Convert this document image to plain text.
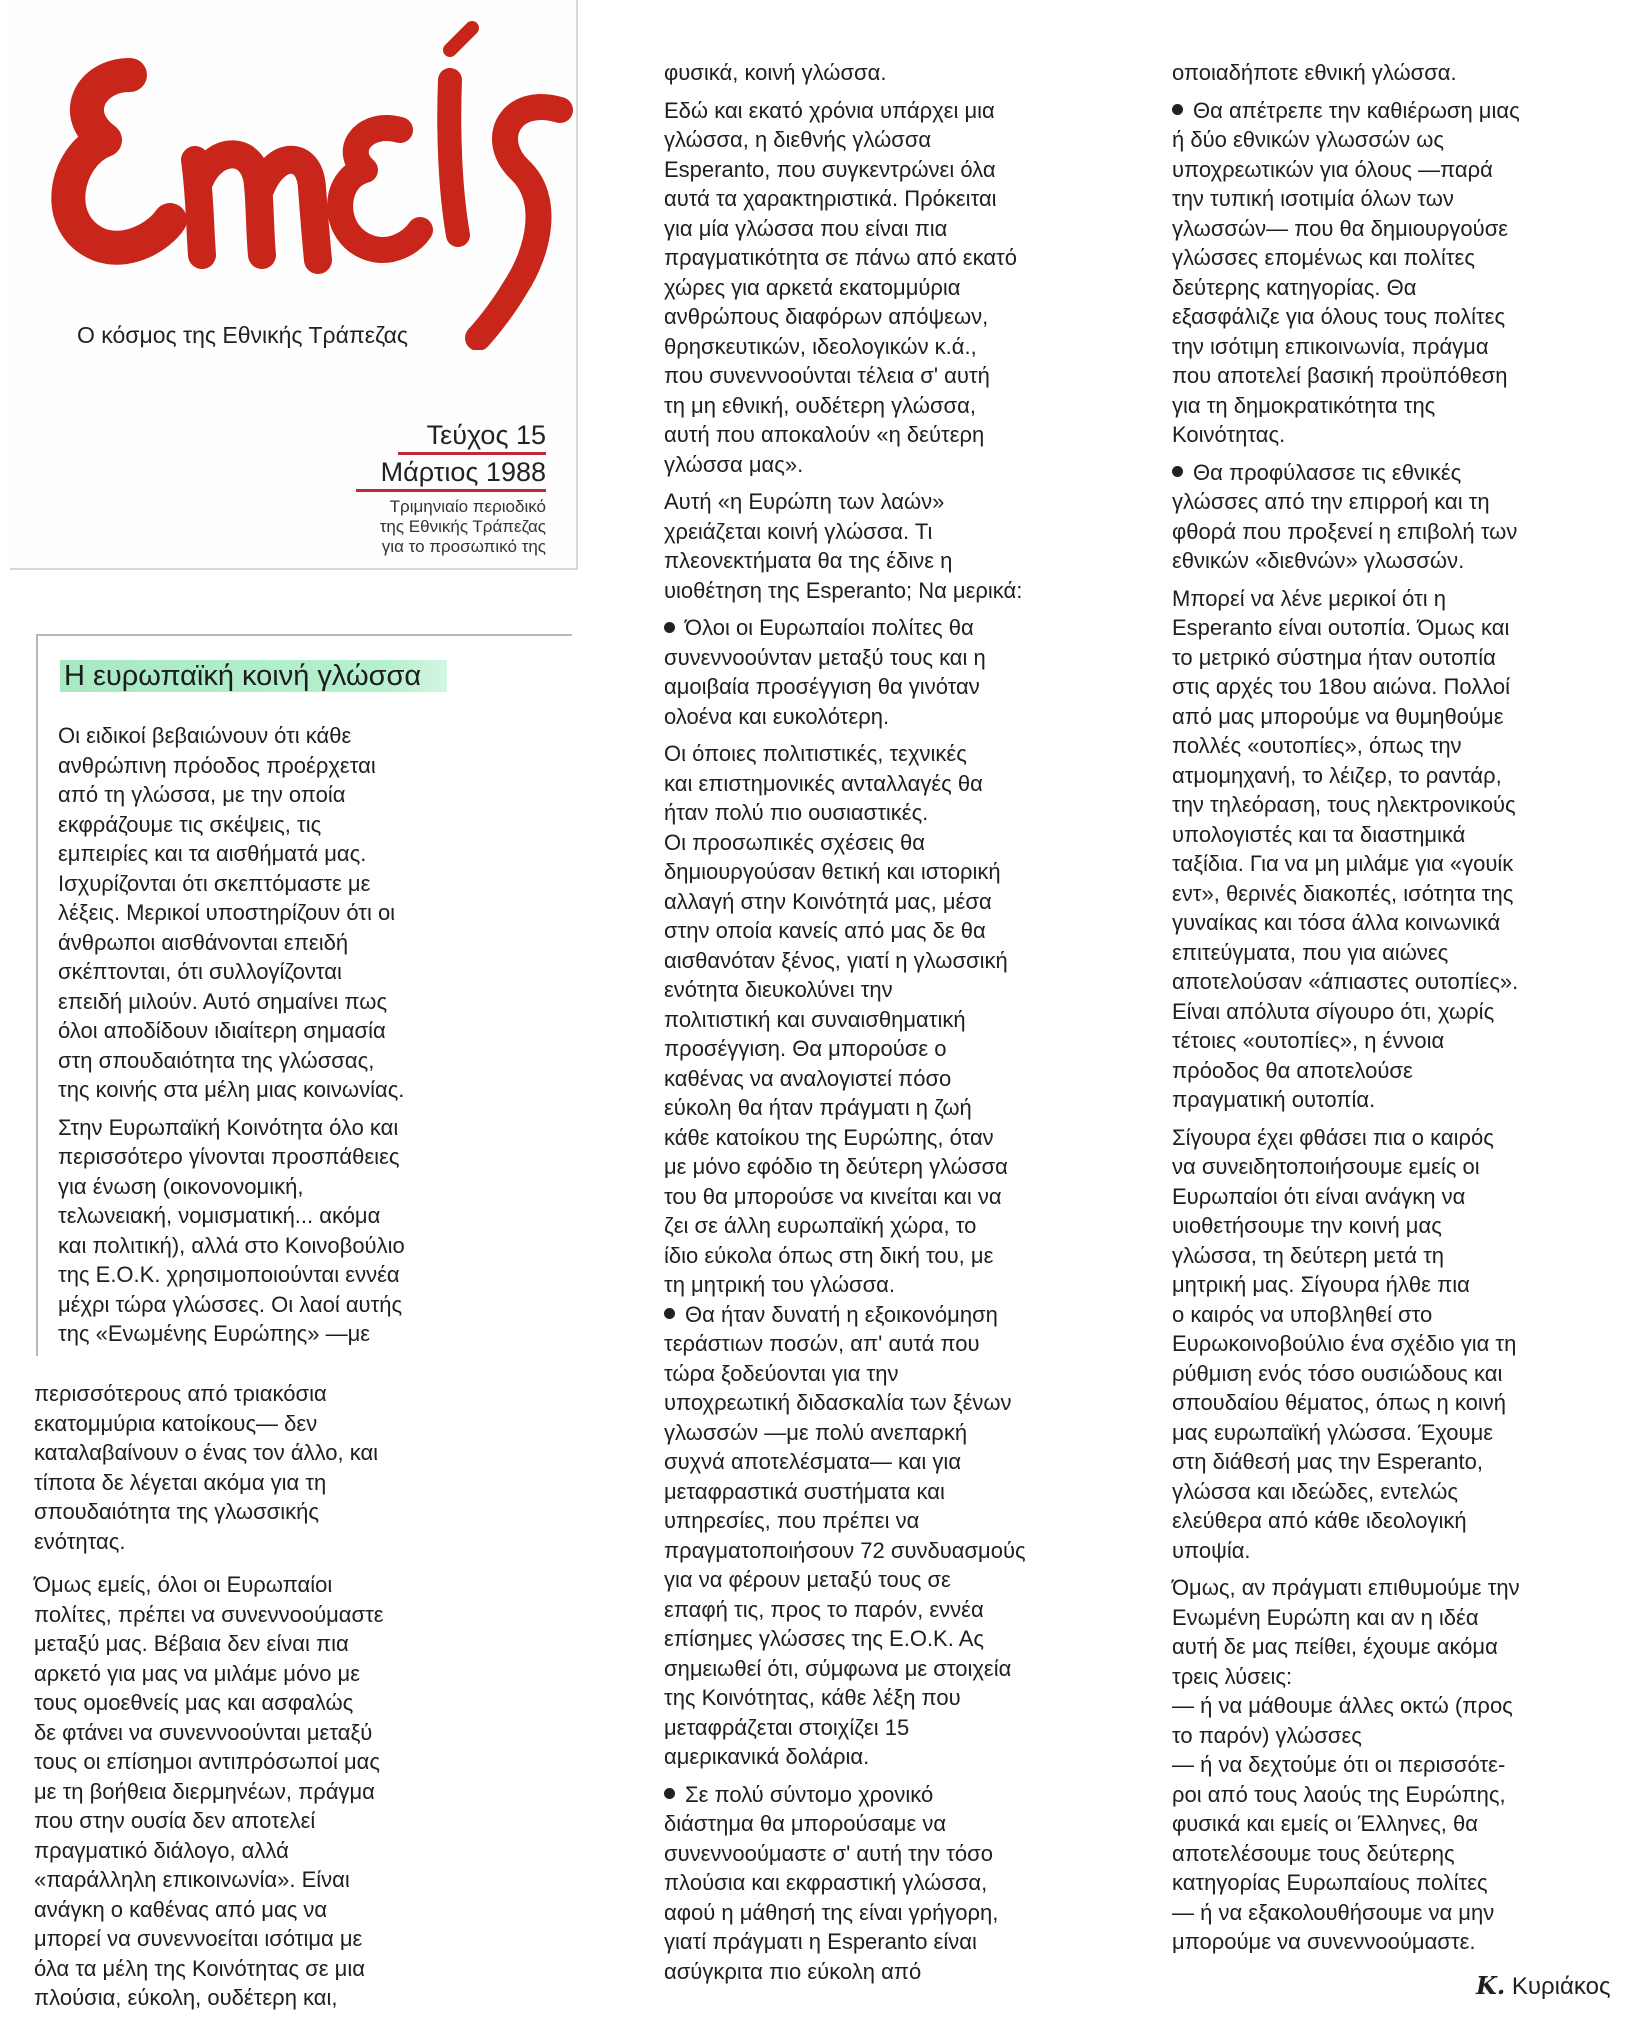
Ο κόσμος της Εθνικής Τράπεζας
Τεύχος 15
Μάρτιος 1988
Τριμηνιαίο περιοδικό
της Εθνικής Τράπεζας
για το προσωπικό της
Η ευρωπαϊκή κοινή γλώσσα

Οι ειδικοί βεβαιώνουν ότι κάθε
ανθρώπινη πρόοδος προέρχεται
από τη γλώσσα, με την οποία
εκφράζουμε τις σκέψεις, τις
εμπειρίες και τα αισθήματά μας.
Ισχυρίζονται ότι σκεπτόμαστε με
λέξεις. Μερικοί υποστηρίζουν ότι οι
άνθρωποι αισθάνονται επειδή
σκέπτονται, ότι συλλογίζονται
επειδή μιλούν. Αυτό σημαίνει πως
όλοι αποδίδουν ιδιαίτερη σημασία
στη σπουδαιότητα της γλώσσας,
της κοινής στα μέλη μιας κοινωνίας.

Στην Ευρωπαϊκή Κοινότητα όλο και
περισσότερο γίνονται προσπάθειες
για ένωση (οικονονομική,
τελωνειακή, νομισματική... ακόμα
και πολιτική), αλλά στο Κοινοβούλιο
της Ε.Ο.Κ. χρησιμοποιούνται εννέα
μέχρι τώρα γλώσσες. Οι λαοί αυτής
της «Ενωμένης Ευρώπης» —με

περισσότερους από τριακόσια
εκατομμύρια κατοίκους— δεν
καταλαβαίνουν ο ένας τον άλλο, και
τίποτα δε λέγεται ακόμα για τη
σπουδαιότητα της γλωσσικής
ενότητας.

Όμως εμείς, όλοι οι Ευρωπαίοι
πολίτες, πρέπει να συνεννοούμαστε
μεταξύ μας. Βέβαια δεν είναι πια
αρκετό για μας να μιλάμε μόνο με
τους ομοεθνείς μας και ασφαλώς
δε φτάνει να συνεννοούνται μεταξύ
τους οι επίσημοι αντιπρόσωποί μας
με τη βοήθεια διερμηνέων, πράγμα
που στην ουσία δεν αποτελεί
πραγματικό διάλογο, αλλά
«παράλληλη επικοινωνία». Είναι
ανάγκη ο καθένας από μας να
μπορεί να συνεννοείται ισότιμα με
όλα τα μέλη της Κοινότητας σε μια
πλούσια, εύκολη, ουδέτερη και,

φυσικά, κοινή γλώσσα.

Εδώ και εκατό χρόνια υπάρχει μια
γλώσσα, η διεθνής γλώσσα
Esperanto, που συγκεντρώνει όλα
αυτά τα χαρακτηριστικά. Πρόκειται
για μία γλώσσα που είναι πια
πραγματικότητα σε πάνω από εκατό
χώρες για αρκετά εκατομμύρια
ανθρώπους διαφόρων απόψεων,
θρησκευτικών, ιδεολογικών κ.ά.,
που συνεννοούνται τέλεια σ' αυτή
τη μη εθνική, ουδέτερη γλώσσα,
αυτή που αποκαλούν «η δεύτερη
γλώσσα μας».

Αυτή «η Ευρώπη των λαών»
χρειάζεται κοινή γλώσσα. Τι
πλεονεκτήματα θα της έδινε η
υιοθέτηση της Esperanto; Να μερικά:

Όλοι οι Ευρωπαίοι πολίτες θα
συνεννοούνταν μεταξύ τους και η
αμοιβαία προσέγγιση θα γινόταν
ολοένα και ευκολότερη.

Οι όποιες πολιτιστικές, τεχνικές
και επιστημονικές ανταλλαγές θα
ήταν πολύ πιο ουσιαστικές.
Οι προσωπικές σχέσεις θα
δημιουργούσαν θετική και ιστορική
αλλαγή στην Κοινότητά μας, μέσα
στην οποία κανείς από μας δε θα
αισθανόταν ξένος, γιατί η γλωσσική
ενότητα διευκολύνει την
πολιτιστική και συναισθηματική
προσέγγιση. Θα μπορούσε ο
καθένας να αναλογιστεί πόσο
εύκολη θα ήταν πράγματι η ζωή
κάθε κατοίκου της Ευρώπης, όταν
με μόνο εφόδιο τη δεύτερη γλώσσα
του θα μπορούσε να κινείται και να
ζει σε άλλη ευρωπαϊκή χώρα, το
ίδιο εύκολα όπως στη δική του, με
τη μητρική του γλώσσα.

Θα ήταν δυνατή η εξοικονόμηση
τεράστιων ποσών, απ' αυτά που
τώρα ξοδεύονται για την
υποχρεωτική διδασκαλία των ξένων
γλωσσών —με πολύ ανεπαρκή
συχνά αποτελέσματα— και για
μεταφραστικά συστήματα και
υπηρεσίες, που πρέπει να
πραγματοποιήσουν 72 συνδυασμούς
για να φέρουν μεταξύ τους σε
επαφή τις, προς το παρόν, εννέα
επίσημες γλώσσες της Ε.Ο.Κ. Ας
σημειωθεί ότι, σύμφωνα με στοιχεία
της Κοινότητας, κάθε λέξη που
μεταφράζεται στοιχίζει 15
αμερικανικά δολάρια.

Σε πολύ σύντομο χρονικό
διάστημα θα μπορούσαμε να
συνεννοούμαστε σ' αυτή την τόσο
πλούσια και εκφραστική γλώσσα,
αφού η μάθησή της είναι γρήγορη,
γιατί πράγματι η Esperanto είναι
ασύγκριτα πιο εύκολη από

οποιαδήποτε εθνική γλώσσα.

Θα απέτρεπε την καθιέρωση μιας
ή δύο εθνικών γλωσσών ως
υποχρεωτικών για όλους —παρά
την τυπική ισοτιμία όλων των
γλωσσών— που θα δημιουργούσε
γλώσσες επομένως και πολίτες
δεύτερης κατηγορίας. Θα
εξασφάλιζε για όλους τους πολίτες
την ισότιμη επικοινωνία, πράγμα
που αποτελεί βασική προϋπόθεση
για τη δημοκρατικότητα της
Κοινότητας.

Θα προφύλασσε τις εθνικές
γλώσσες από την επιρροή και τη
φθορά που προξενεί η επιβολή των
εθνικών «διεθνών» γλωσσών.

Μπορεί να λένε μερικοί ότι η
Esperanto είναι ουτοπία. Όμως και
το μετρικό σύστημα ήταν ουτοπία
στις αρχές του 18ου αιώνα. Πολλοί
από μας μπορούμε να θυμηθούμε
πολλές «ουτοπίες», όπως την
ατμομηχανή, το λέιζερ, το ραντάρ,
την τηλεόραση, τους ηλεκτρονικούς
υπολογιστές και τα διαστημικά
ταξίδια. Για να μη μιλάμε για «γουίκ
εντ», θερινές διακοπές, ισότητα της
γυναίκας και τόσα άλλα κοινωνικά
επιτεύγματα, που για αιώνες
αποτελούσαν «άπιαστες ουτοπίες».
Είναι απόλυτα σίγουρο ότι, χωρίς
τέτοιες «ουτοπίες», η έννοια
πρόοδος θα αποτελούσε
πραγματική ουτοπία.

Σίγουρα έχει φθάσει πια ο καιρός
να συνειδητοποιήσουμε εμείς οι
Ευρωπαίοι ότι είναι ανάγκη να
υιοθετήσουμε την κοινή μας
γλώσσα, τη δεύτερη μετά τη
μητρική μας. Σίγουρα ήλθε πια
ο καιρός να υποβληθεί στο
Ευρωκοινοβούλιο ένα σχέδιο για τη
ρύθμιση ενός τόσο ουσιώδους και
σπουδαίου θέματος, όπως η κοινή
μας ευρωπαϊκή γλώσσα. Έχουμε
στη διάθεσή μας την Esperanto,
γλώσσα και ιδεώδες, εντελώς
ελεύθερα από κάθε ιδεολογική
υποψία.

Όμως, αν πράγματι επιθυμούμε την
Ενωμένη Ευρώπη και αν η ιδέα
αυτή δε μας πείθει, έχουμε ακόμα
τρεις λύσεις:
— ή να μάθουμε άλλες οκτώ (προς
το παρόν) γλώσσες
— ή να δεχτούμε ότι οι περισσότε-
ροι από τους λαούς της Ευρώπης,
φυσικά και εμείς οι Έλληνες, θα
αποτελέσουμε τους δεύτερης
κατηγορίας Ευρωπαίους πολίτες
— ή να εξακολουθήσουμε να μην
μπορούμε να συνεννοούμαστε.

Κ. Κυριάκος
